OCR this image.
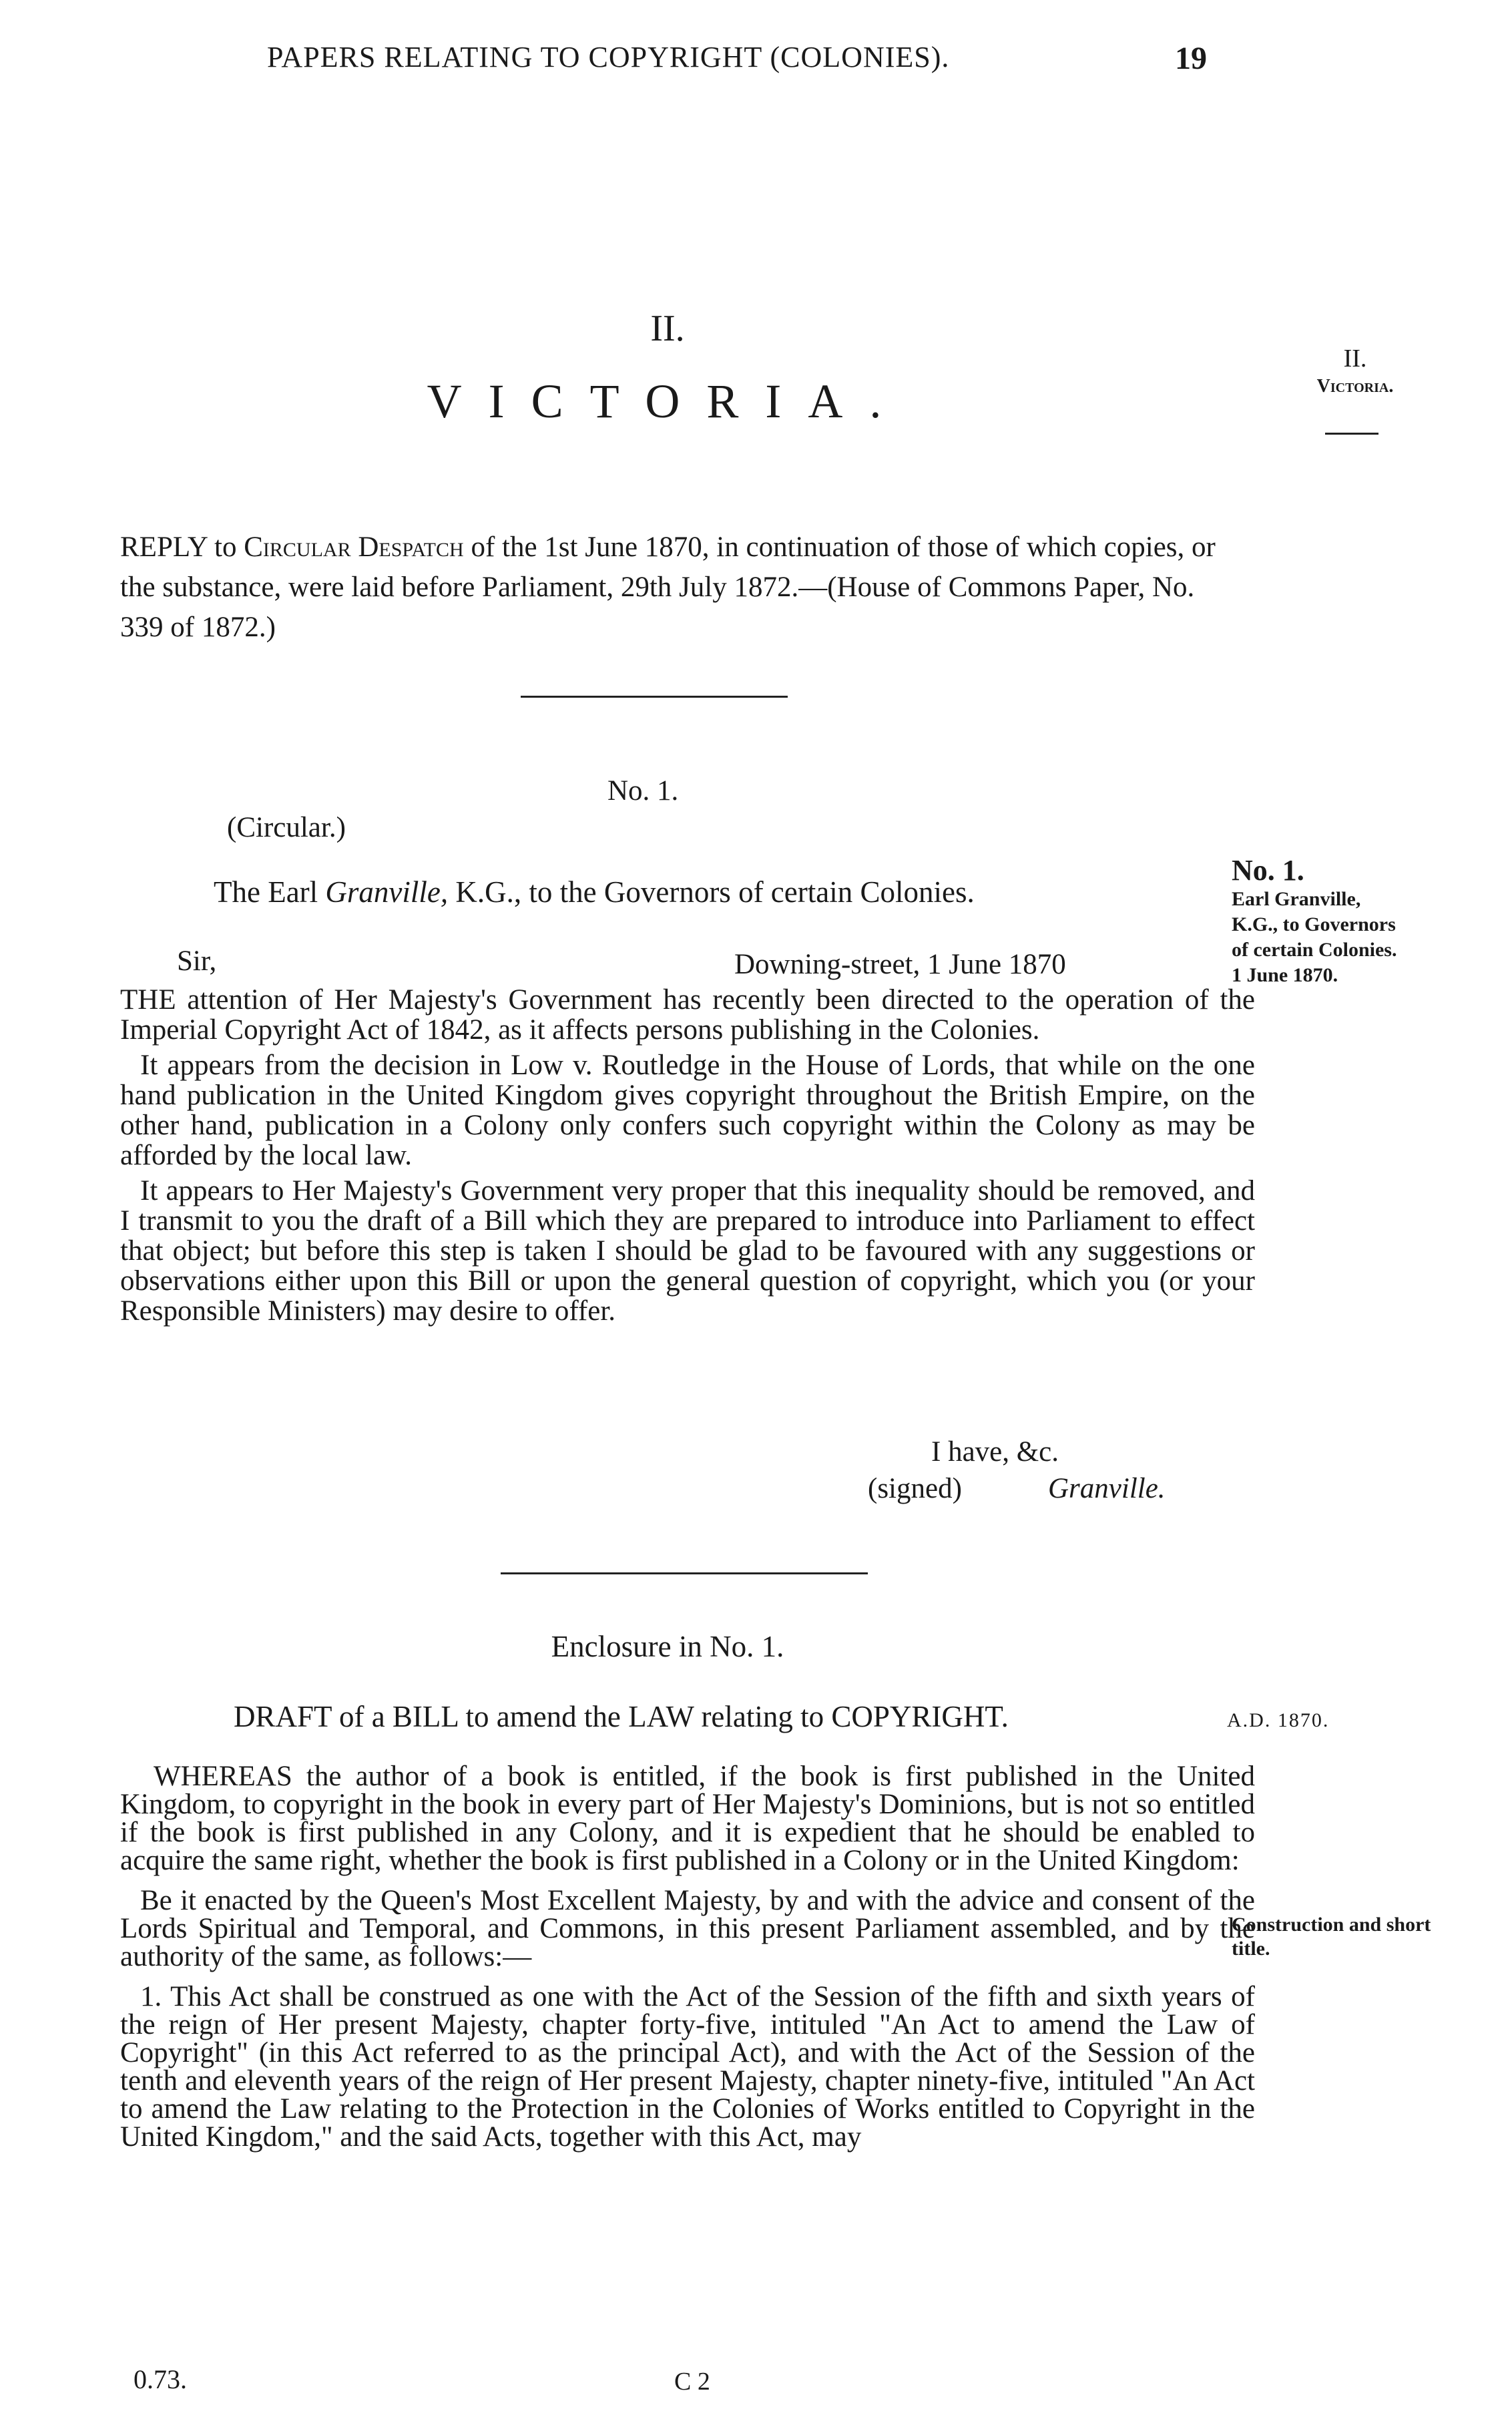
PAPERS RELATING TO COPYRIGHT (COLONIES).	19
II.
VICTORIA.
II.
Victoria.
REPLY to Circular Despatch of the 1st June 1870, in continuation of those of which copies, or the substance, were laid before Parliament, 29th July 1872.—(House of Commons Paper, No. 339 of 1872.)
No. 1.
(Circular.)
The Earl Granville, K.G., to the Governors of certain Colonies.
No. 1.
Earl Granville,
K.G., to Governors
of certain Colonies.
1 June 1870.
Sir,	Downing-street, 1 June 1870

THE attention of Her Majesty's Government has recently been directed to the operation of the Imperial Copyright Act of 1842, as it affects persons publishing in the Colonies.

It appears from the decision in Low v. Routledge in the House of Lords, that while on the one hand publication in the United Kingdom gives copyright throughout the British Empire, on the other hand, publication in a Colony only confers such copyright within the Colony as may be afforded by the local law.

It appears to Her Majesty's Government very proper that this inequality should be removed, and I transmit to you the draft of a Bill which they are prepared to introduce into Parliament to effect that object; but before this step is taken I should be glad to be favoured with any suggestions or observations either upon this Bill or upon the general question of copyright, which you (or your Responsible Ministers) may desire to offer.

I have, &c.
(signed)	Granville.
Enclosure in No. 1.
DRAFT of a BILL to amend the LAW relating to COPYRIGHT.	A.D. 1870.

WHEREAS the author of a book is entitled, if the book is first published in the United Kingdom, to copyright in the book in every part of Her Majesty's Dominions, but is not so entitled if the book is first published in any Colony, and it is expedient that he should be enabled to acquire the same right, whether the book is first published in a Colony or in the United Kingdom:

Be it enacted by the Queen's Most Excellent Majesty, by and with the advice and consent of the Lords Spiritual and Temporal, and Commons, in this present Parliament assembled, and by the authority of the same, as follows:—

1. This Act shall be construed as one with the Act of the Session of the fifth and sixth years of the reign of Her present Majesty, chapter forty-five, intituled "An Act to amend the Law of Copyright" (in this Act referred to as the principal Act), and with the Act of the Session of the tenth and eleventh years of the reign of Her present Majesty, chapter ninety-five, intituled "An Act to amend the Law relating to the Protection in the Colonies of Works entitled to Copyright in the United Kingdom," and the said Acts, together with this Act, may

Construction and short title.
0.73.	C 2
